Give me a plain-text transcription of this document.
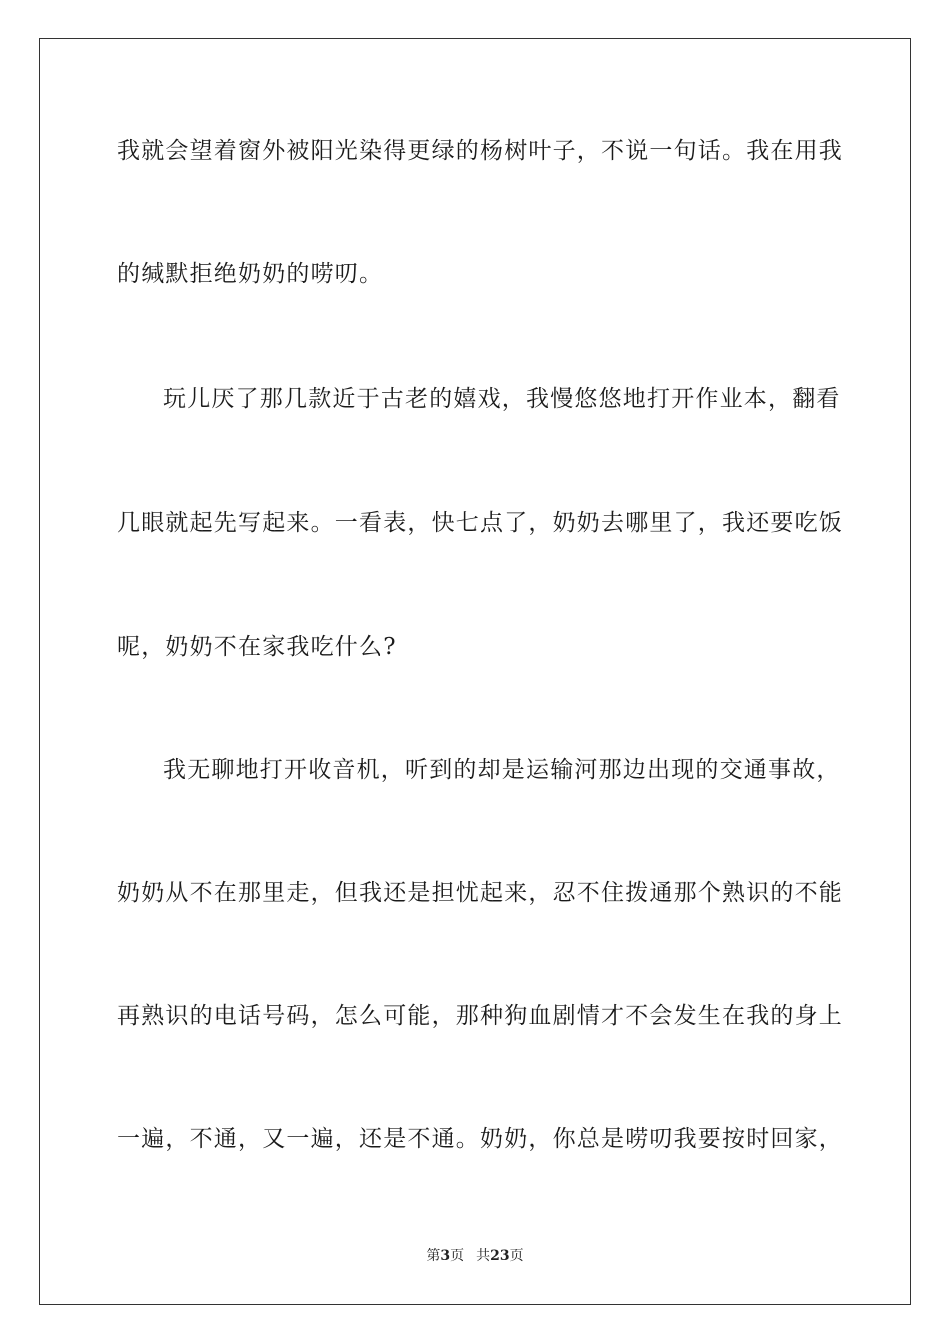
我就会望着窗外被阳光染得更绿的杨树叶子，不说一句话。我在用我
的缄默拒绝奶奶的唠叨。
玩儿厌了那几款近于古老的嬉戏，我慢悠悠地打开作业本，翻看
几眼就起先写起来。一看表，快七点了，奶奶去哪里了，我还要吃饭
呢，奶奶不在家我吃什么?
我无聊地打开收音机，听到的却是运输河那边出现的交通事故，
奶奶从不在那里走，但我还是担忧起来，忍不住拨通那个熟识的不能
再熟识的电话号码，怎么可能，那种狗血剧情才不会发生在我的身上
一遍，不通，又一遍，还是不通。奶奶，你总是唠叨我要按时回家，
第3页 共23页
